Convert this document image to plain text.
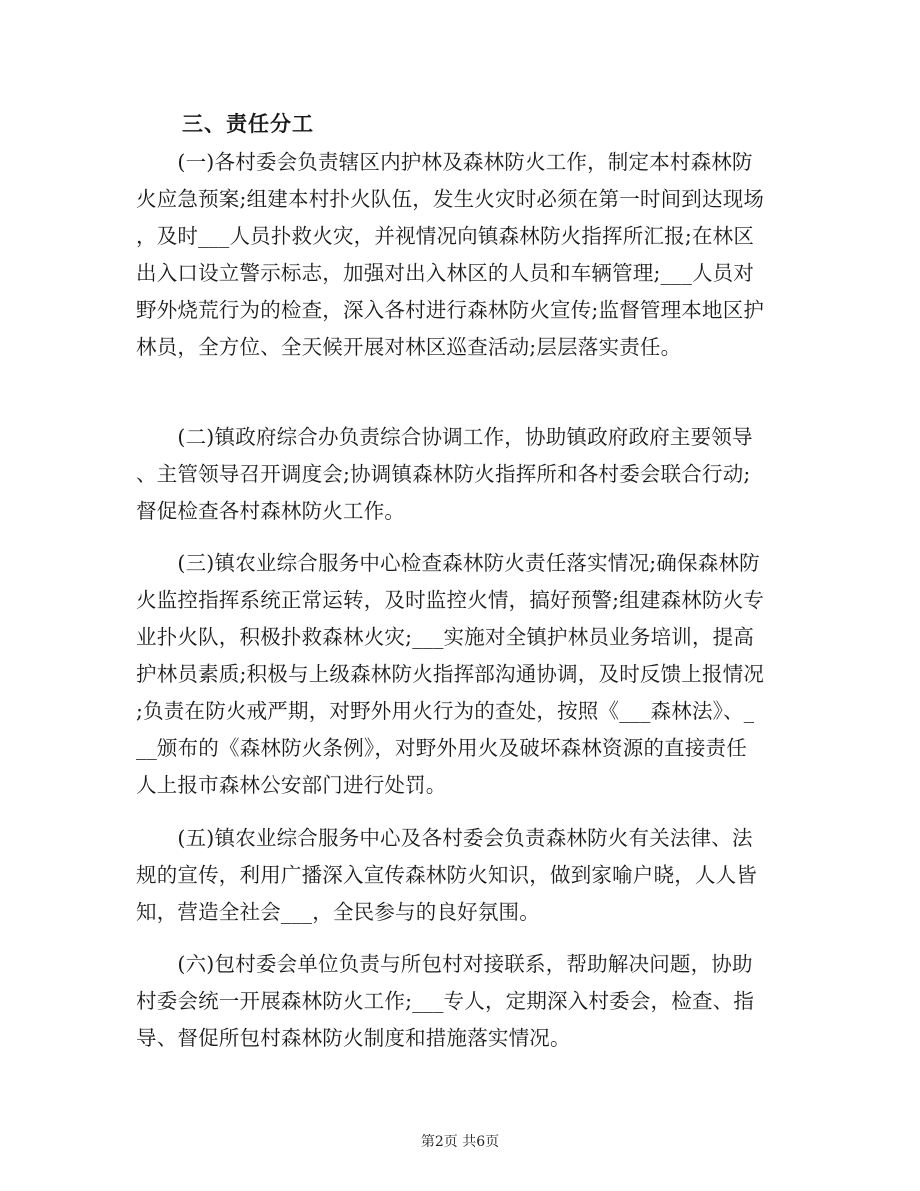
三、责任分工
　　(一)各村委会负责辖区内护林及森林防火工作，制定本村森林防
火应急预案;组建本村扑火队伍，发生火灾时必须在第一时间到达现场
，及时___人员扑救火灾，并视情况向镇森林防火指挥所汇报;在林区
出入口设立警示标志，加强对出入林区的人员和车辆管理;___人员对
野外烧荒行为的检查，深入各村进行森林防火宣传;监督管理本地区护
林员，全方位、全天候开展对林区巡查活动;层层落实责任。
　　(二)镇政府综合办负责综合协调工作，协助镇政府政府主要领导
、主管领导召开调度会;协调镇森林防火指挥所和各村委会联合行动;
督促检查各村森林防火工作。
　　(三)镇农业综合服务中心检查森林防火责任落实情况;确保森林防
火监控指挥系统正常运转，及时监控火情，搞好预警;组建森林防火专
业扑火队，积极扑救森林火灾;___实施对全镇护林员业务培训，提高
护林员素质;积极与上级森林防火指挥部沟通协调，及时反馈上报情况
;负责在防火戒严期，对野外用火行为的查处，按照《___森林法》、_
__颁布的《森林防火条例》，对野外用火及破坏森林资源的直接责任
人上报市森林公安部门进行处罚。
　　(五)镇农业综合服务中心及各村委会负责森林防火有关法律、法
规的宣传，利用广播深入宣传森林防火知识，做到家喻户晓，人人皆
知，营造全社会___，全民参与的良好氛围。
　　(六)包村委会单位负责与所包村对接联系，帮助解决问题，协助
村委会统一开展森林防火工作;___专人，定期深入村委会，检查、指
导、督促所包村森林防火制度和措施落实情况。
第2页 共6页
